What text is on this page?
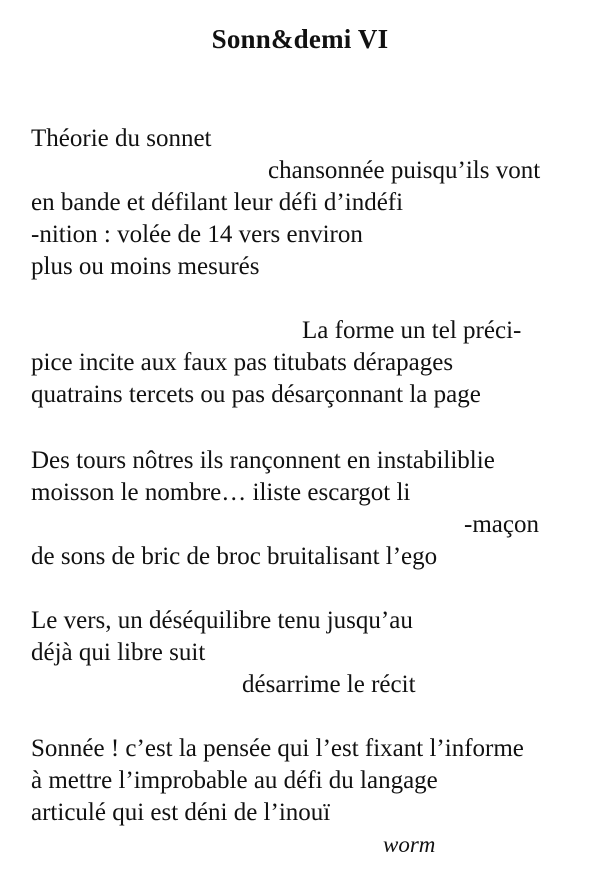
Sonn&demi VI
Théorie du sonnet
chansonnée puisqu’ils vont
en bande et défilant leur défi d’indéfi
-nition : volée de 14 vers environ
plus ou moins mesurés
La forme un tel préci-
pice incite aux faux pas titubats dérapages
quatrains tercets ou pas désarçonnant la page
Des tours nôtres ils rançonnent en instabiliblie
moisson le nombre… iliste escargot li
-maçon
de sons de bric de broc bruitalisant l’ego
Le vers, un déséquilibre tenu jusqu’au
déjà qui libre suit
désarrime le récit
Sonnée ! c’est la pensée qui l’est fixant l’informe
à mettre l’improbable au défi du langage
articulé qui est déni de l’inouï
worm
